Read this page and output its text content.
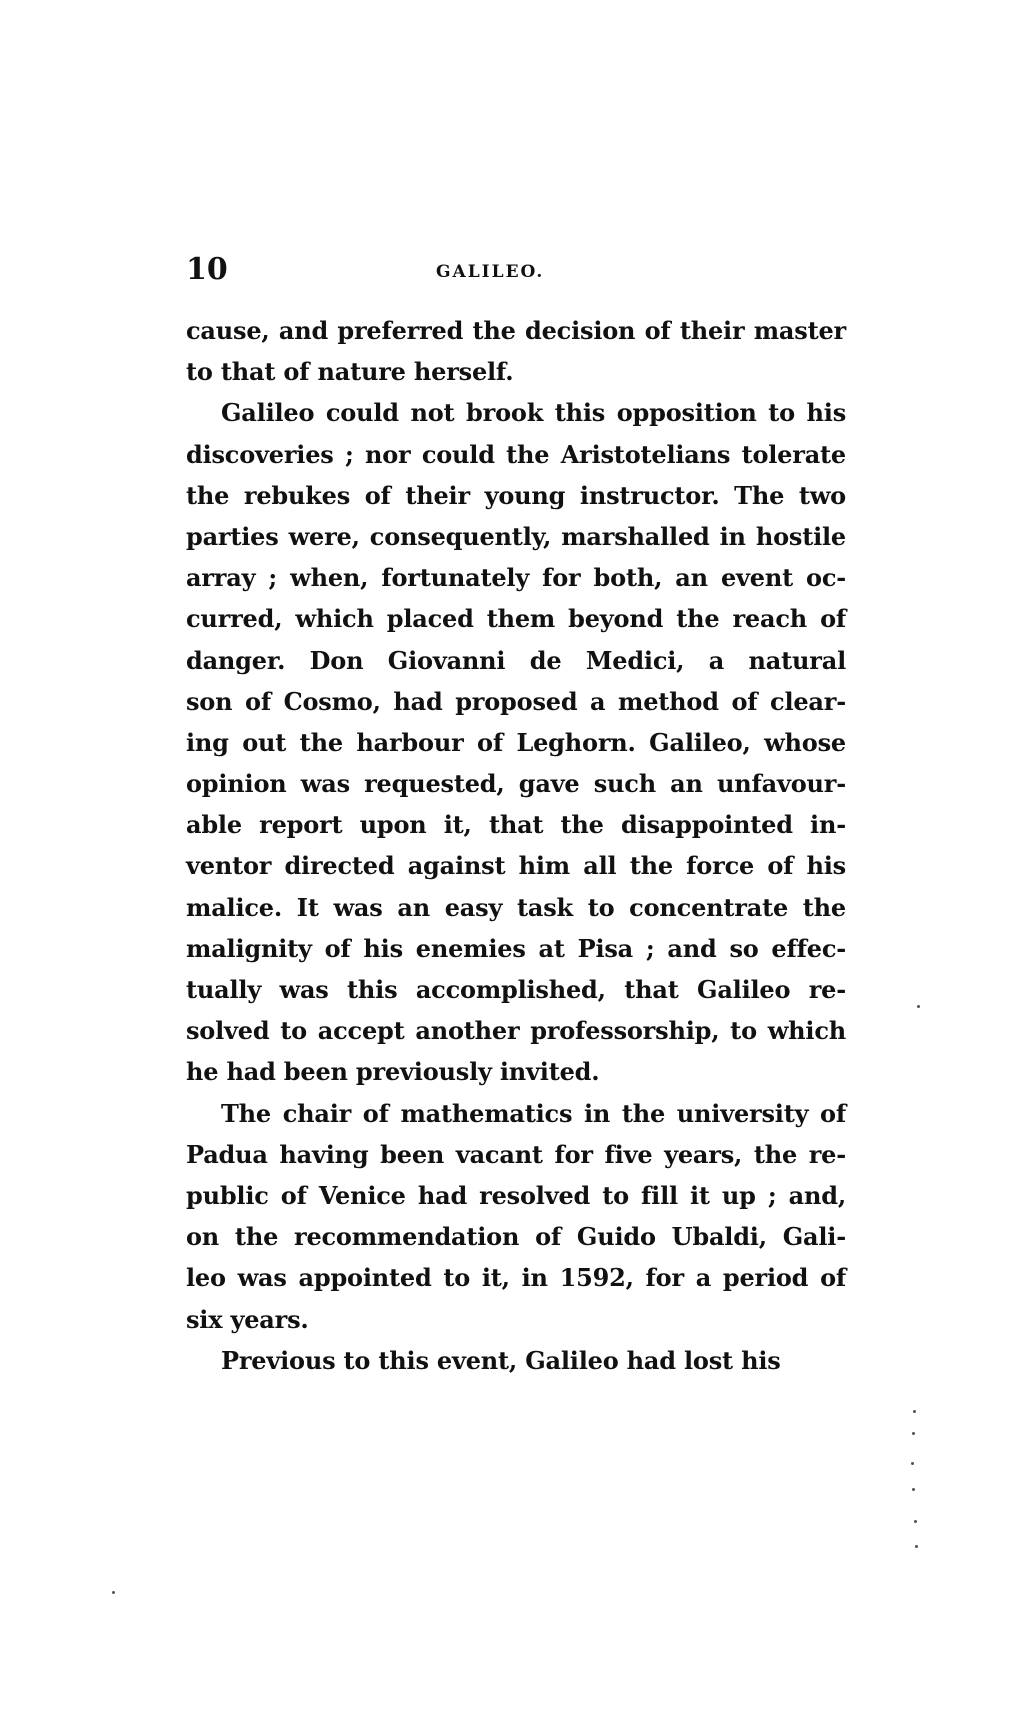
10	GALILEO.
cause, and preferred the decision of their master
to that of nature herself.
Galileo could not brook this opposition to his
discoveries ; nor could the Aristotelians tolerate
the rebukes of their young instructor. The two
parties were, consequently, marshalled in hostile
array ; when, fortunately for both, an event oc-
curred, which placed them beyond the reach of
danger. Don Giovanni de Medici, a natural
son of Cosmo, had proposed a method of clear-
ing out the harbour of Leghorn. Galileo, whose
opinion was requested, gave such an unfavour-
able report upon it, that the disappointed in-
ventor directed against him all the force of his
malice. It was an easy task to concentrate the
malignity of his enemies at Pisa ; and so effec-
tually was this accomplished, that Galileo re-
solved to accept another professorship, to which
he had been previously invited.
The chair of mathematics in the university of
Padua having been vacant for five years, the re-
public of Venice had resolved to fill it up ; and,
on the recommendation of Guido Ubaldi, Gali-
leo was appointed to it, in 1592, for a period of
six years.
Previous to this event, Galileo had lost his
